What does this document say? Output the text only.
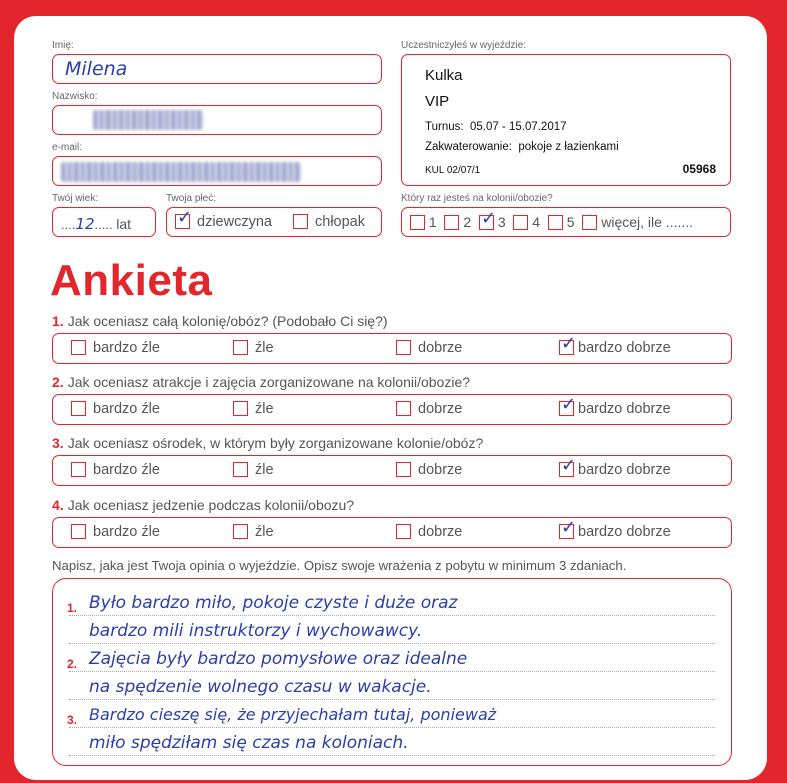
Imię:
Milena
Nazwisko:
e-mail:
Twój wiek:
....12..... lat
Twoja płeć:
✓ dziewczyna	chłopak
Uczestniczyłeś w wyjeździe:
Kulka
VIP
Turnus: 05.07 - 15.07.2017
Zakwaterowanie: pokoje z łazienkami
KUL 02/07/1	05968
Który raz jesteś na kolonii/obozie?
1 2 ✓ 3 4 5 więcej, ile .......
Ankieta
1. Jak oceniasz całą kolonię/obóz? (Podobało Ci się?)
bardzo źle	źle	dobrze	✓ bardzo dobrze
2. Jak oceniasz atrakcje i zajęcia zorganizowane na kolonii/obozie?
bardzo źle	źle	dobrze	✓ bardzo dobrze
3. Jak oceniasz ośrodek, w którym były zorganizowane kolonie/obóz?
bardzo źle	źle	dobrze	✓ bardzo dobrze
4. Jak oceniasz jedzenie podczas kolonii/obozu?
bardzo źle	źle	dobrze	✓ bardzo dobrze
Napisz, jaka jest Twoja opinia o wyjeździe. Opisz swoje wrażenia z pobytu w minimum 3 zdaniach.
1.
2.
3.
Było bardzo miło, pokoje czyste i duże oraz
bardzo mili instruktorzy i wychowawcy.
Zajęcia były bardzo pomysłowe oraz idealne
na spędzenie wolnego czasu w wakacje.
Bardzo cieszę się, że przyjechałam tutaj, ponieważ
miło spędziłam się czas na koloniach.
